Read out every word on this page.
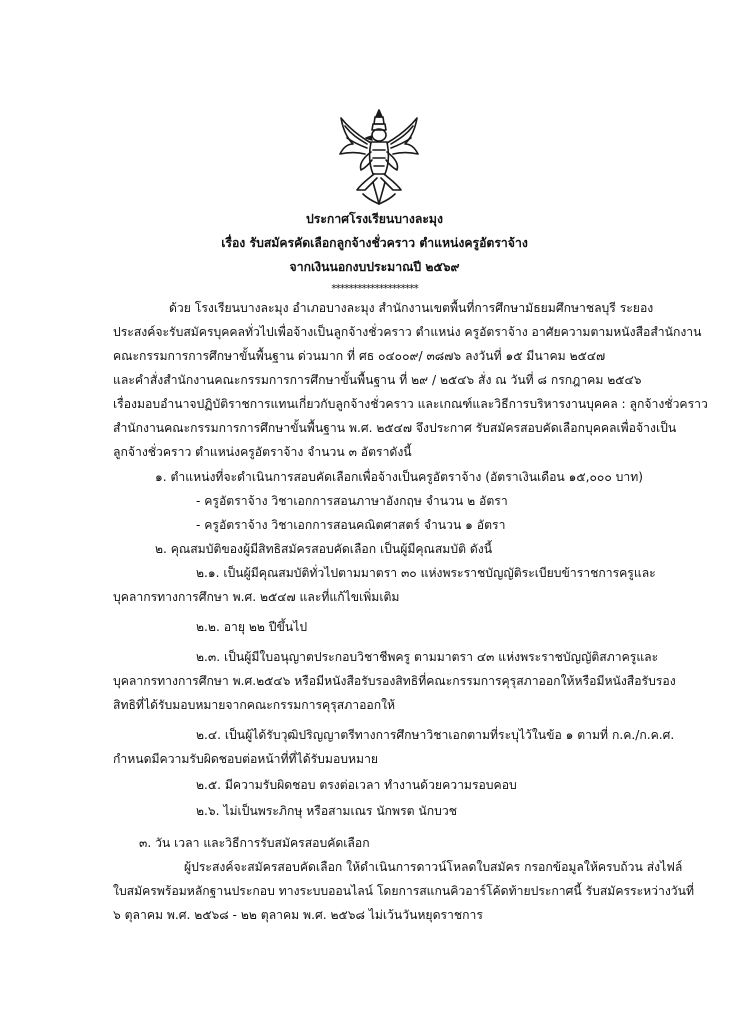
ประกาศโรงเรียนบางละมุง
เรื่อง รับสมัครคัดเลือกลูกจ้างชั่วคราว ตำแหน่งครูอัตราจ้าง
จากเงินนอกงบประมาณปี ๒๕๖๙
********************
ด้วย โรงเรียนบางละมุง อำเภอบางละมุง สำนักงานเขตพื้นที่การศึกษามัธยมศึกษาชลบุรี ระยอง
ประสงค์จะรับสมัครบุคคลทั่วไปเพื่อจ้างเป็นลูกจ้างชั่วคราว ตำแหน่ง ครูอัตราจ้าง อาศัยความตามหนังสือสำนักงาน
คณะกรรมการการศึกษาขั้นพื้นฐาน ด่วนมาก ที่ ศธ ๐๔๐๐๙/ ๓๘๗๖ ลงวันที่ ๑๕ มีนาคม ๒๕๔๗
และคำสั่งสำนักงานคณะกรรมการการศึกษาขั้นพื้นฐาน ที่ ๒๙ / ๒๕๔๖ สั่ง ณ วันที่ ๘ กรกฎาคม ๒๕๔๖
เรื่องมอบอำนาจปฏิบัติราชการแทนเกี่ยวกับลูกจ้างชั่วคราว และเกณฑ์และวิธีการบริหารงานบุคคล : ลูกจ้างชั่วคราว
สำนักงานคณะกรรมการการศึกษาขั้นพื้นฐาน พ.ศ. ๒๕๔๗ จึงประกาศ รับสมัครสอบคัดเลือกบุคคลเพื่อจ้างเป็น
ลูกจ้างชั่วคราว ตำแหน่งครูอัตราจ้าง จำนวน ๓ อัตราดังนี้
๑. ตำแหน่งที่จะดำเนินการสอบคัดเลือกเพื่อจ้างเป็นครูอัตราจ้าง (อัตราเงินเดือน ๑๕,๐๐๐ บาท)
- ครูอัตราจ้าง วิชาเอกการสอนภาษาอังกฤษ จำนวน ๒ อัตรา
- ครูอัตราจ้าง วิชาเอกการสอนคณิตศาสตร์ จำนวน ๑ อัตรา
๒. คุณสมบัติของผู้มีสิทธิสมัครสอบคัดเลือก เป็นผู้มีคุณสมบัติ ดังนี้
๒.๑. เป็นผู้มีคุณสมบัติทั่วไปตามมาตรา ๓๐ แห่งพระราชบัญญัติระเบียบข้าราชการครูและ
บุคลากรทางการศึกษา พ.ศ. ๒๕๔๗ และที่แก้ไขเพิ่มเติม
๒.๒. อายุ ๒๒ ปีขึ้นไป
๒.๓. เป็นผู้มีใบอนุญาตประกอบวิชาชีพครู ตามมาตรา ๔๓ แห่งพระราชบัญญัติสภาครูและ
บุคลากรทางการศึกษา พ.ศ.๒๕๔๖ หรือมีหนังสือรับรองสิทธิที่คณะกรรมการคุรุสภาออกให้หรือมีหนังสือรับรอง
สิทธิที่ได้รับมอบหมายจากคณะกรรมการคุรุสภาออกให้
๒.๔. เป็นผู้ได้รับวุฒิปริญญาตรีทางการศึกษาวิชาเอกตามที่ระบุไว้ในข้อ ๑ ตามที่ ก.ค./ก.ค.ศ.
กำหนดมีความรับผิดชอบต่อหน้าที่ที่ได้รับมอบหมาย
๒.๕. มีความรับผิดชอบ ตรงต่อเวลา ทำงานด้วยความรอบคอบ
๒.๖. ไม่เป็นพระภิกษุ หรือสามเณร นักพรต นักบวช
๓. วัน เวลา และวิธีการรับสมัครสอบคัดเลือก
ผู้ประสงค์จะสมัครสอบคัดเลือก ให้ดำเนินการดาวน์โหลดใบสมัคร กรอกข้อมูลให้ครบถ้วน ส่งไฟล์
ใบสมัครพร้อมหลักฐานประกอบ ทางระบบออนไลน์ โดยการสแกนคิวอาร์โค้ดท้ายประกาศนี้ รับสมัครระหว่างวันที่
๖ ตุลาคม พ.ศ. ๒๕๖๘ - ๒๒ ตุลาคม พ.ศ. ๒๕๖๘ ไม่เว้นวันหยุดราชการ
